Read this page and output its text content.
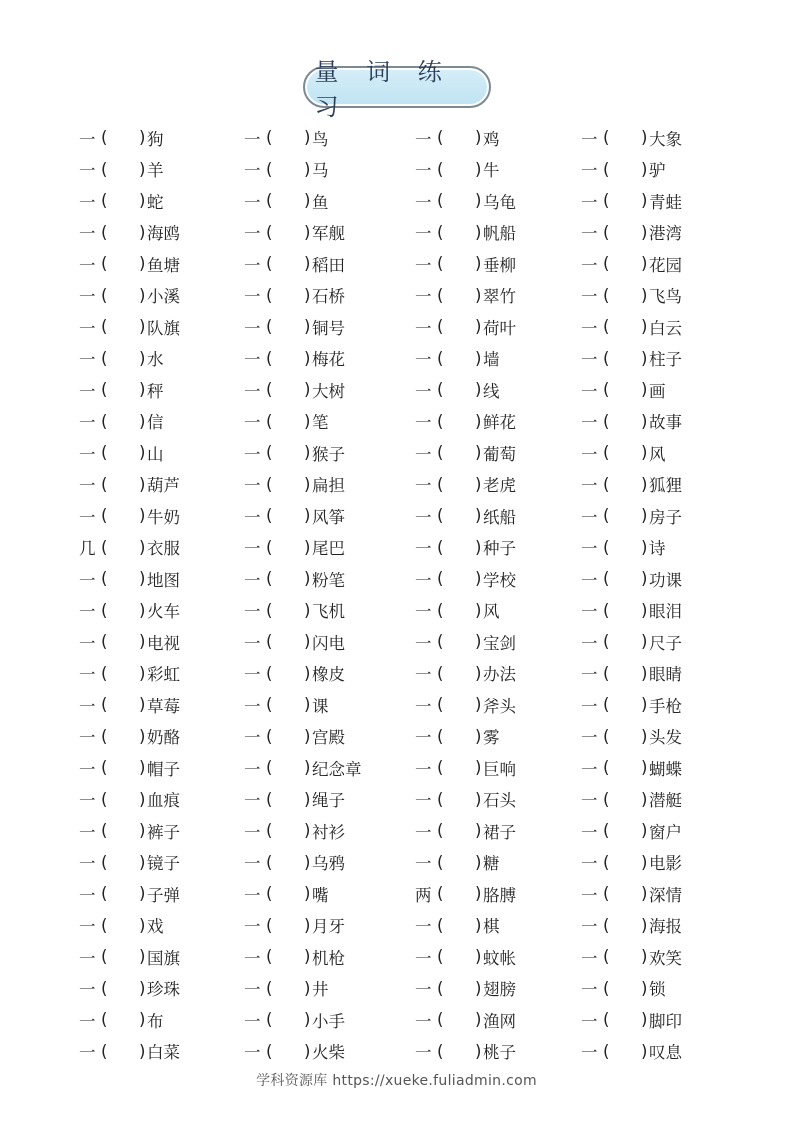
量 词 练 习
一 (	) 狗	一 (	) 鸟	一 (	) 鸡	一 (	) 大象
一 (	) 羊	一 (	) 马	一 (	) 牛	一 (	) 驴
一 (	) 蛇	一 (	) 鱼	一 (	) 乌龟	一 (	) 青蛙
一 (	) 海鸥	一 (	) 军舰	一 (	) 帆船	一 (	) 港湾
一 (	) 鱼塘	一 (	) 稻田	一 (	) 垂柳	一 (	) 花园
一 (	) 小溪	一 (	) 石桥	一 (	) 翠竹	一 (	) 飞鸟
一 (	) 队旗	一 (	) 铜号	一 (	) 荷叶	一 (	) 白云
一 (	) 水	一 (	) 梅花	一 (	) 墙	一 (	) 柱子
一 (	) 秤	一 (	) 大树	一 (	) 线	一 (	) 画
一 (	) 信	一 (	) 笔	一 (	) 鲜花	一 (	) 故事
一 (	) 山	一 (	) 猴子	一 (	) 葡萄	一 (	) 风
一 (	) 葫芦	一 (	) 扁担	一 (	) 老虎	一 (	) 狐狸
一 (	) 牛奶	一 (	) 风筝	一 (	) 纸船	一 (	) 房子
几 (	) 衣服	一 (	) 尾巴	一 (	) 种子	一 (	) 诗
一 (	) 地图	一 (	) 粉笔	一 (	) 学校	一 (	) 功课
一 (	) 火车	一 (	) 飞机	一 (	) 风	一 (	) 眼泪
一 (	) 电视	一 (	) 闪电	一 (	) 宝剑	一 (	) 尺子
一 (	) 彩虹	一 (	) 橡皮	一 (	) 办法	一 (	) 眼睛
一 (	) 草莓	一 (	) 课	一 (	) 斧头	一 (	) 手枪
一 (	) 奶酪	一 (	) 宫殿	一 (	) 雾	一 (	) 头发
一 (	) 帽子	一 (	) 纪念章	一 (	) 巨响	一 (	) 蝴蝶
一 (	) 血痕	一 (	) 绳子	一 (	) 石头	一 (	) 潜艇
一 (	) 裤子	一 (	) 衬衫	一 (	) 裙子	一 (	) 窗户
一 (	) 镜子	一 (	) 乌鸦	一 (	) 糖	一 (	) 电影
一 (	) 子弹	一 (	) 嘴	两 (	) 胳膊	一 (	) 深情
一 (	) 戏	一 (	) 月牙	一 (	) 棋	一 (	) 海报
一 (	) 国旗	一 (	) 机枪	一 (	) 蚊帐	一 (	) 欢笑
一 (	) 珍珠	一 (	) 井	一 (	) 翅膀	一 (	) 锁
一 (	) 布	一 (	) 小手	一 (	) 渔网	一 (	) 脚印
一 (	) 白菜	一 (	) 火柴	一 (	) 桃子	一 (	) 叹息
学科资源库 https://xueke.fuliadmin.com
